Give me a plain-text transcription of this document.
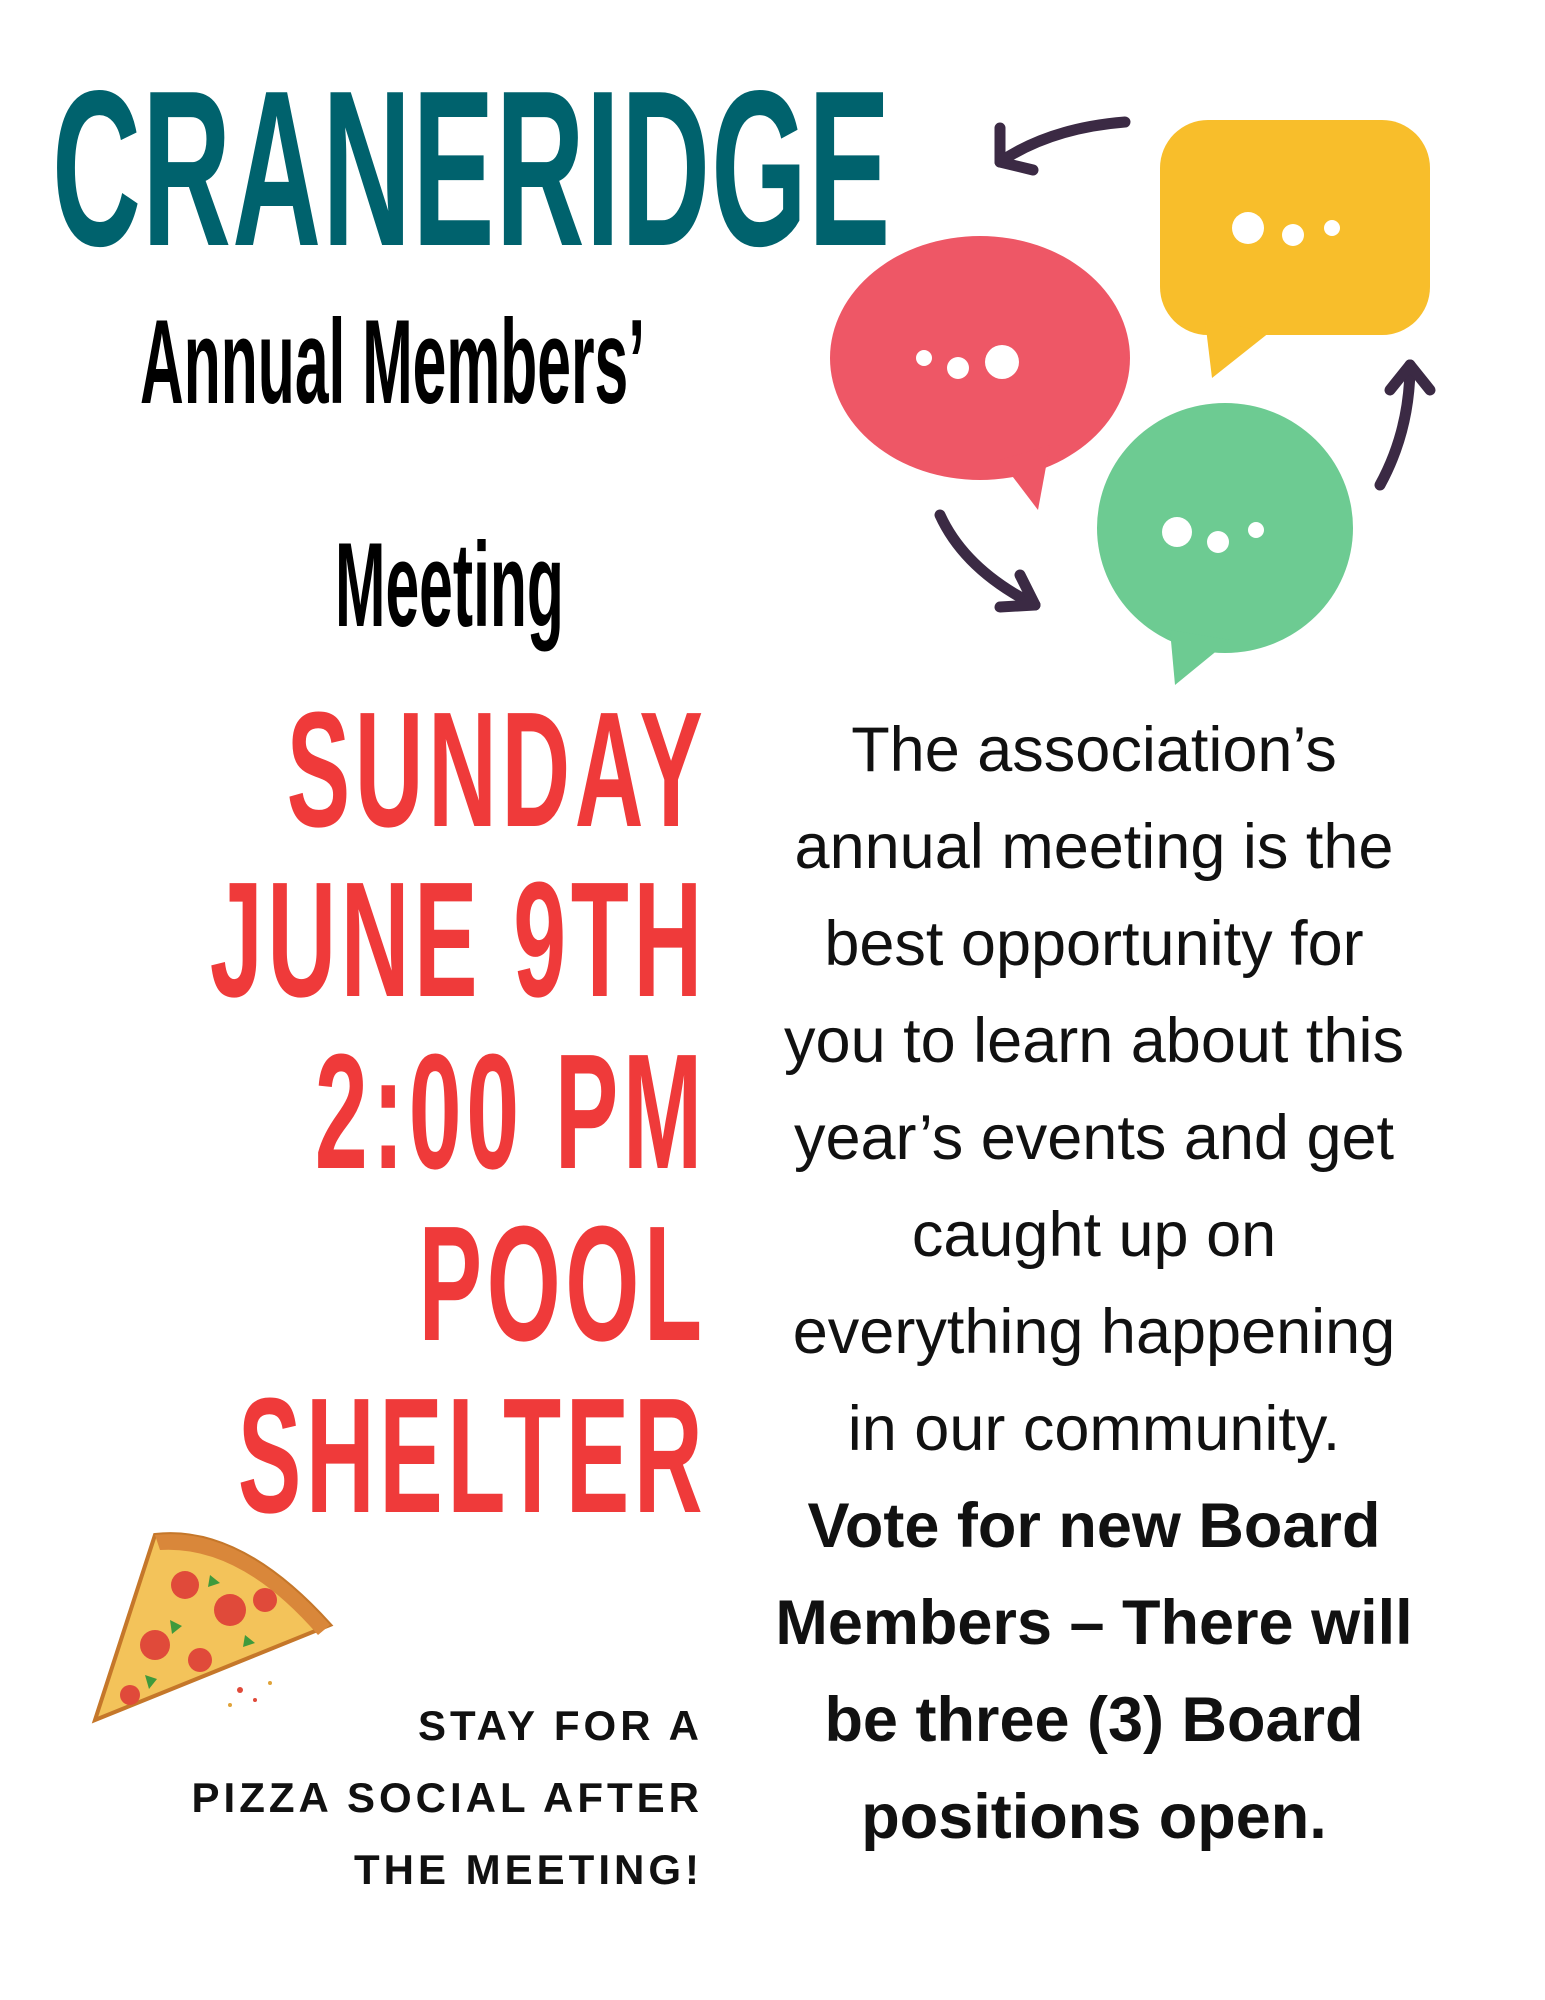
CRANERIDGE
Annual Members’
Meeting
SUNDAY
JUNE 9TH
2:00 PM
POOL
SHELTER
The association’s
annual meeting is the
best opportunity for
you to learn about this
year’s events and get
caught up on
everything happening
in our community.
Vote for new Board
Members – There will
be three (3) Board
positions open.
STAY FOR A
PIZZA SOCIAL AFTER
THE MEETING!
